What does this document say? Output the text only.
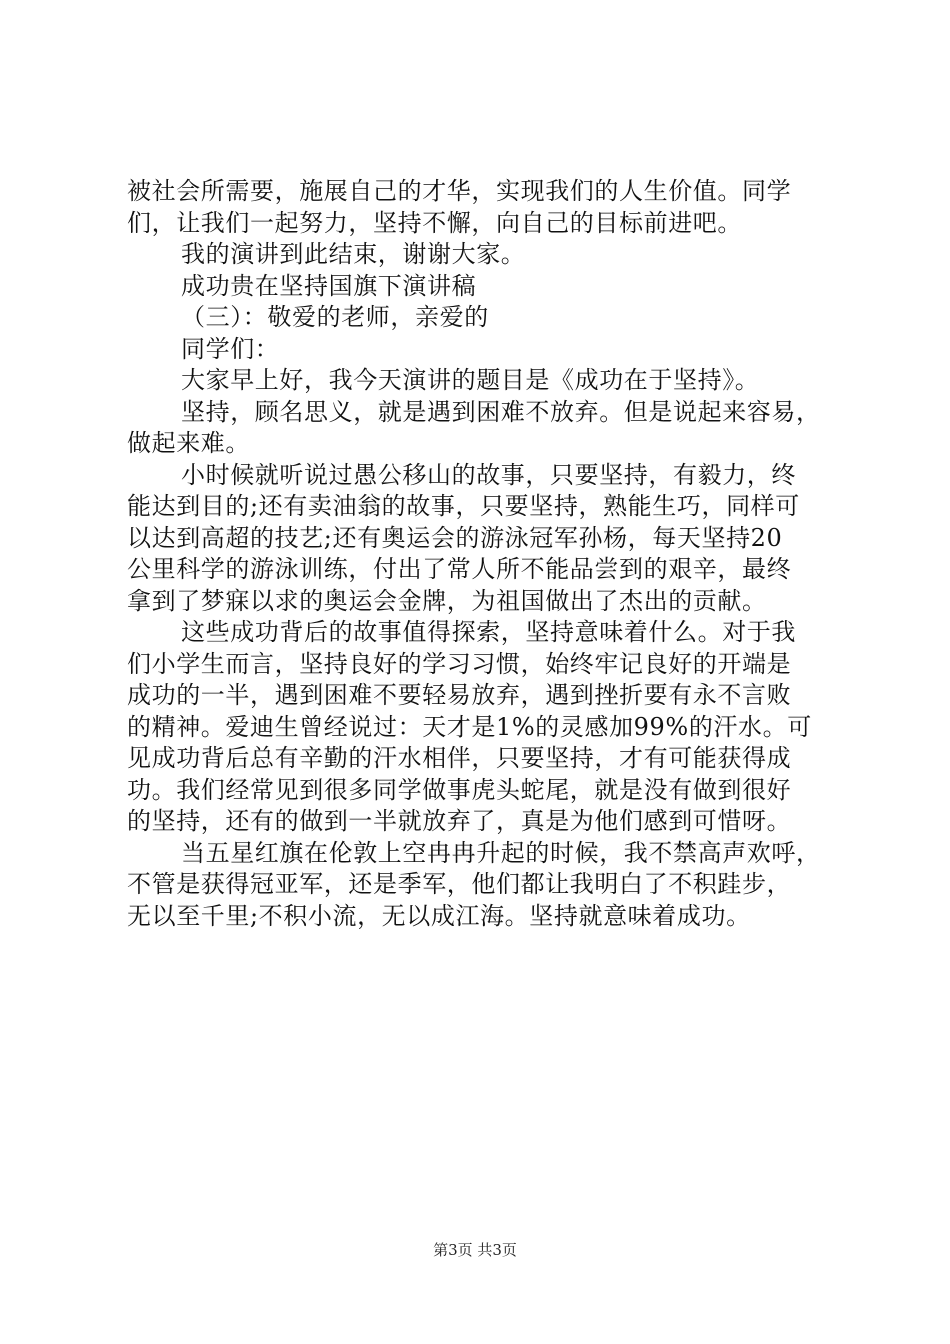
被社会所需要，施展自己的才华，实现我们的人生价值。同学
们，让我们一起努力，坚持不懈，向自己的目标前进吧。
我的演讲到此结束，谢谢大家。
成功贵在坚持国旗下演讲稿
（三）：敬爱的老师，亲爱的
同学们：
大家早上好，我今天演讲的题目是《成功在于坚持》。
坚持，顾名思义，就是遇到困难不放弃。但是说起来容易，
做起来难。
小时候就听说过愚公移山的故事，只要坚持，有毅力，终
能达到目的;还有卖油翁的故事，只要坚持，熟能生巧，同样可
以达到高超的技艺;还有奥运会的游泳冠军孙杨，每天坚持20
公里科学的游泳训练，付出了常人所不能品尝到的艰辛，最终
拿到了梦寐以求的奥运会金牌，为祖国做出了杰出的贡献。
这些成功背后的故事值得探索，坚持意味着什么。对于我
们小学生而言，坚持良好的学习习惯，始终牢记良好的开端是
成功的一半，遇到困难不要轻易放弃，遇到挫折要有永不言败
的精神。爱迪生曾经说过：天才是1%的灵感加99%的汗水。可
见成功背后总有辛勤的汗水相伴，只要坚持，才有可能获得成
功。我们经常见到很多同学做事虎头蛇尾，就是没有做到很好
的坚持，还有的做到一半就放弃了，真是为他们感到可惜呀。
当五星红旗在伦敦上空冉冉升起的时候，我不禁高声欢呼，
不管是获得冠亚军，还是季军，他们都让我明白了不积跬步，
无以至千里;不积小流，无以成江海。坚持就意味着成功。
第3页 共3页
